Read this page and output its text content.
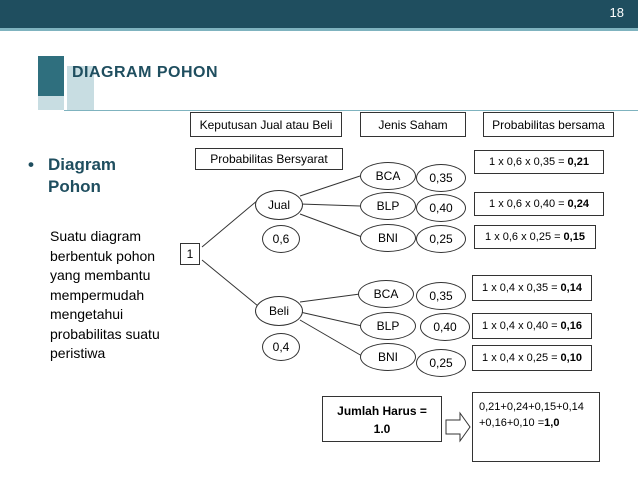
18
DIAGRAM POHON
• Diagram Pohon
Suatu diagram berbentuk pohon yang membantu mempermudah mengetahui probabilitas suatu peristiwa
Keputusan Jual atau Beli	Jenis Saham	Probabilitas bersama
Probabilitas Bersyarat
1
Jual
0,6
Beli
0,4
BCA	0,35
BLP	0,40
BNI	0,25
BCA	0,35
BLP	0,40
BNI	0,25
1 x 0,6 x 0,35 = 0,21
1 x 0,6 x 0,40 = 0,24
1 x 0,6 x 0,25 = 0,15
1 x 0,4 x 0,35 = 0,14
1 x 0,4 x 0,40 = 0,16
1 x 0,4 x 0,25 = 0,10
Jumlah Harus =
1.0
0,21+0,24+0,15+0,14
+0,16+0,10 =1,0
